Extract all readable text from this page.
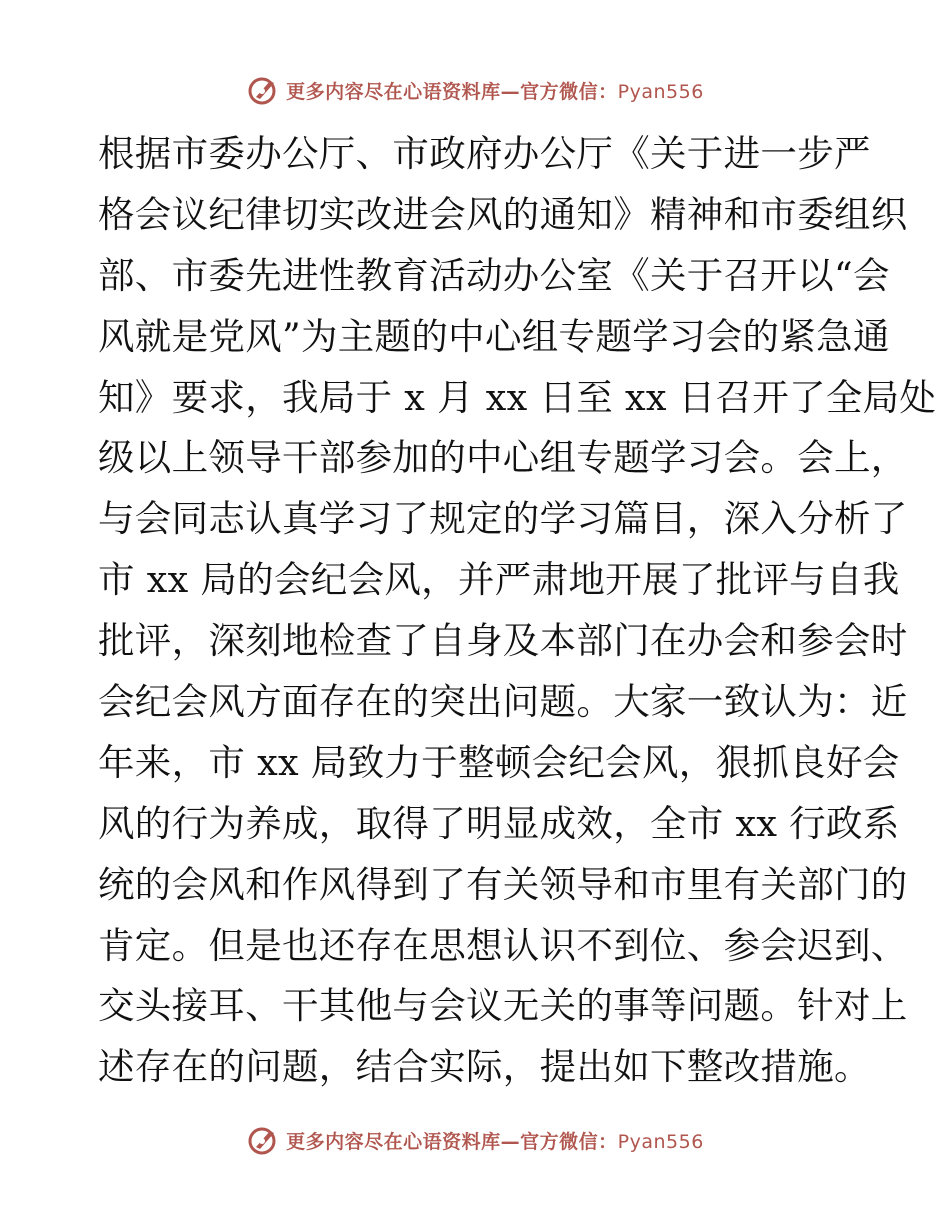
更多内容尽在心语资料库—官方微信：Pyan556
根据市委办公厅、市政府办公厅《关于进一步严
格会议纪律切实改进会风的通知》精神和市委组织
部、市委先进性教育活动办公室《关于召开以“会
风就是党风”为主题的中心组专题学习会的紧急通
知》要求，我局于 x 月 xx 日至 xx 日召开了全局处
级以上领导干部参加的中心组专题学习会。会上，
与会同志认真学习了规定的学习篇目，深入分析了
市 xx 局的会纪会风，并严肃地开展了批评与自我
批评，深刻地检查了自身及本部门在办会和参会时
会纪会风方面存在的突出问题。大家一致认为：近
年来，市 xx 局致力于整顿会纪会风，狠抓良好会
风的行为养成，取得了明显成效，全市 xx 行政系
统的会风和作风得到了有关领导和市里有关部门的
肯定。但是也还存在思想认识不到位、参会迟到、
交头接耳、干其他与会议无关的事等问题。针对上
述存在的问题，结合实际，提出如下整改措施。
更多内容尽在心语资料库—官方微信：Pyan556
